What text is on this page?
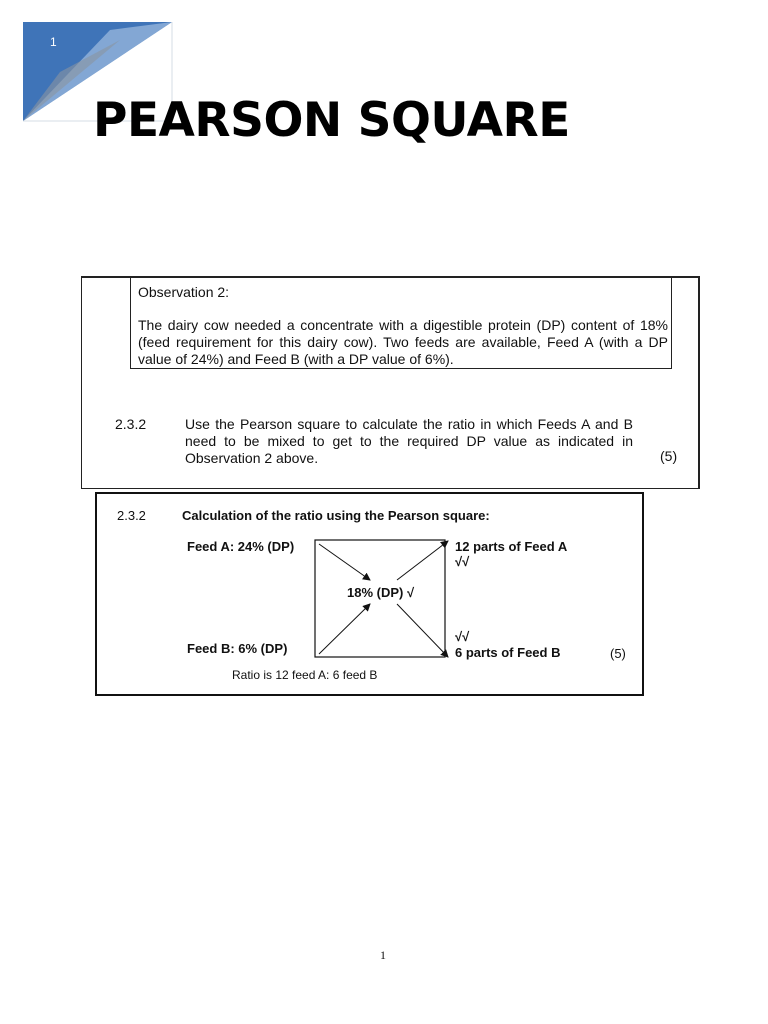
1
PEARSON SQUARE
Observation 2:
The dairy cow needed a concentrate with a digestible protein (DP) content of 18% (feed requirement for this dairy cow). Two feeds are available, Feed A (with a DP value of 24%) and Feed B (with a DP value of 6%).
2.3.2	Use the Pearson square to calculate the ratio in which Feeds A and B need to be mixed to get to the required DP value as indicated in Observation 2 above.	(5)
2.3.2	Calculation of the ratio using the Pearson square:
Feed A: 24% (DP)
Feed B: 6% (DP)
18% (DP) √
12 parts of Feed A
√√
√√
6 parts of Feed B	(5)
Ratio is 12 feed A: 6 feed B
1
